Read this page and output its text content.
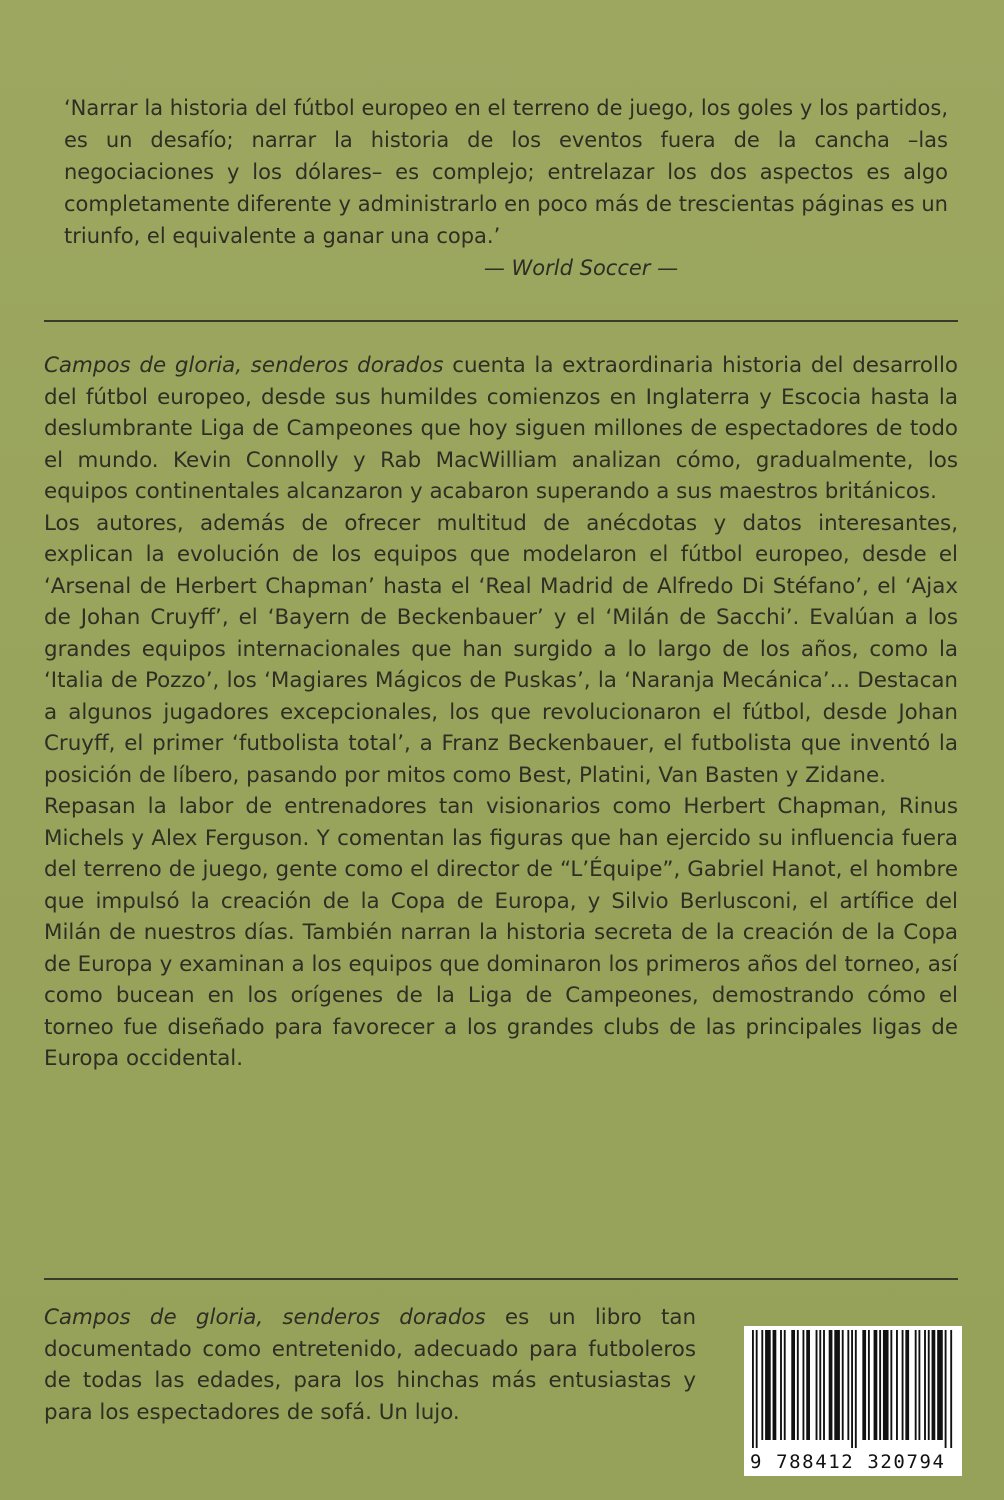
‘Narrar la historia del fútbol europeo en el terreno de juego, los goles y los partidos, es un desafío; narrar la historia de los eventos fuera de la cancha –las negociaciones y los dólares– es complejo; entrelazar los dos aspectos es algo completamente diferente y administrarlo en poco más de trescientas páginas es un triunfo, el equivalente a ganar una copa.’
— World Soccer —

Campos de gloria, senderos dorados cuenta la extraordinaria historia del desarrollo del fútbol europeo, desde sus humildes comienzos en Inglaterra y Escocia hasta la deslumbrante Liga de Campeones que hoy siguen millones de espectadores de todo el mundo. Kevin Connolly y Rab MacWilliam analizan cómo, gradualmente, los equipos continentales alcanzaron y acabaron superando a sus maestros británicos.

Los autores, además de ofrecer multitud de anécdotas y datos interesantes, explican la evolución de los equipos que modelaron el fútbol europeo, desde el ‘Arsenal de Herbert Chapman’ hasta el ‘Real Madrid de Alfredo Di Stéfano’, el ‘Ajax de Johan Cruyff’, el ‘Bayern de Beckenbauer’ y el ‘Milán de Sacchi’. Evalúan a los grandes equipos internacionales que han surgido a lo largo de los años, como la ‘Italia de Pozzo’, los ‘Magiares Mágicos de Puskas’, la ‘Naranja Mecánica’... Destacan a algunos jugadores excepcionales, los que revolucionaron el fútbol, desde Johan Cruyff, el primer ‘futbolista total’, a Franz Beckenbauer, el futbolista que inventó la posición de líbero, pasando por mitos como Best, Platini, Van Basten y Zidane.

Repasan la labor de entrenadores tan visionarios como Herbert Chapman, Rinus Michels y Alex Ferguson. Y comentan las figuras que han ejercido su influencia fuera del terreno de juego, gente como el director de “L’Équipe”, Gabriel Hanot, el hombre que impulsó la creación de la Copa de Europa, y Silvio Berlusconi, el artífice del Milán de nuestros días. También narran la historia secreta de la creación de la Copa de Europa y examinan a los equipos que dominaron los primeros años del torneo, así como bucean en los orígenes de la Liga de Campeones, demostrando cómo el torneo fue diseñado para favorecer a los grandes clubs de las principales ligas de Europa occidental.

Campos de gloria, senderos dorados es un libro tan documentado como entretenido, adecuado para futboleros de todas las edades, para los hinchas más entusiastas y para los espectadores de sofá. Un lujo.
9 788412 320794
